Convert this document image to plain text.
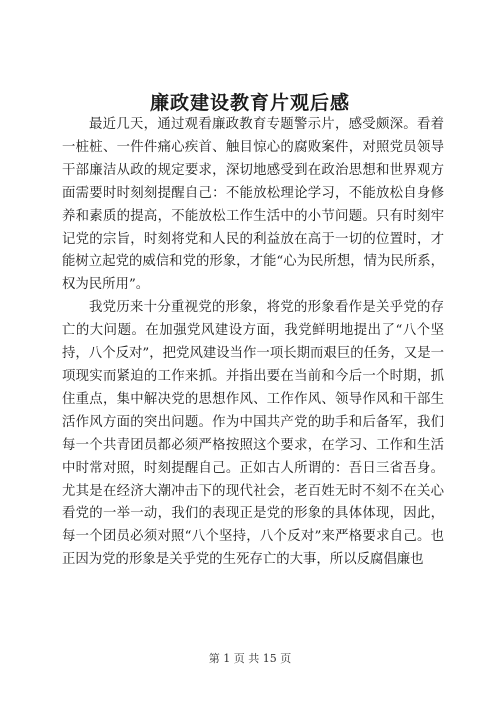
廉政建设教育片观后感

最近几天，通过观看廉政教育专题警示片，感受颇深。看着一桩桩、一件件痛心疾首、触目惊心的腐败案件，对照党员领导干部廉洁从政的规定要求，深切地感受到在政治思想和世界观方面需要时时刻刻提醒自己：不能放松理论学习，不能放松自身修养和素质的提高，不能放松工作生活中的小节问题。只有时刻牢记党的宗旨，时刻将党和人民的利益放在高于一切的位置时，才能树立起党的威信和党的形象，才能“心为民所想，情为民所系，权为民所用”。

我党历来十分重视党的形象，将党的形象看作是关乎党的存亡的大问题。在加强党风建设方面，我党鲜明地提出了“八个坚持，八个反对”，把党风建设当作一项长期而艰巨的任务，又是一项现实而紧迫的工作来抓。并指出要在当前和今后一个时期，抓住重点，集中解决党的思想作风、工作作风、领导作风和干部生活作风方面的突出问题。作为中国共产党的助手和后备军，我们每一个共青团员都必须严格按照这个要求，在学习、工作和生活中时常对照，时刻提醒自己。正如古人所谓的：吾日三省吾身。尤其是在经济大潮冲击下的现代社会，老百姓无时不刻不在关心看党的一举一动，我们的表现正是党的形象的具体体现，因此，每一个团员必须对照“八个坚持，八个反对”来严格要求自己。也正因为党的形象是关乎党的生死存亡的大事，所以反腐倡廉也

第 1 页 共 15 页
